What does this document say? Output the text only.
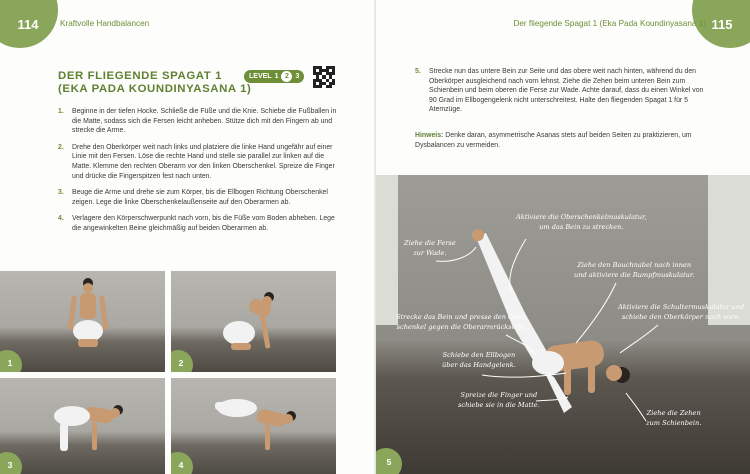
114	Kraftvolle Handbalancen
DER FLIEGENDE SPAGAT 1
(EKA PADA KOUNDINYASANA 1)
LEVEL 1 2 3
1. Beginne in der tiefen Hocke. Schließe die Füße und die Knie. Schiebe die Fußballen in die Matte, sodass sich die Fersen leicht anheben. Stütze dich mit den Fingern ab und strecke die Arme.
2. Drehe den Oberkörper weit nach links und platziere die linke Hand ungefähr auf einer Linie mit den Fersen. Löse die rechte Hand und stelle sie parallel zur linken auf die Matte. Klemme den rechten Oberarm vor den linken Oberschenkel. Spreize die Finger und drücke die Fingerspitzen fest nach unten.
3. Beuge die Arme und drehe sie zum Körper, bis die Ellbogen Richtung Oberschenkel zeigen. Lege die linke Oberschenkelaußenseite auf den Oberarmen ab.
4. Verlagere den Körperschwerpunkt nach vorn, bis die Füße vom Boden abheben. Lege die angewinkelten Beine gleichmäßig auf beiden Oberarmen ab.
1	2
3	4
115
Der fliegende Spagat 1 (Eka Pada Koundinyasana 1)
5. Strecke nun das untere Bein zur Seite und das obere weit nach hinten, während du den Oberkörper ausgleichend nach vorn lehnst. Ziehe die Zehen beim unteren Bein zum Schienbein und beim oberen die Ferse zur Wade. Achte darauf, dass du einen Winkel von 90 Grad im Ellbogengelenk nicht unterschreitest. Halte den fliegenden Spagat 1 für 5 Atemzüge.
Hinweis: Denke daran, asymmetrische Asanas stets auf beiden Seiten zu praktizieren, um Dysbalancen zu vermeiden.
Aktiviere die Oberschenkelmuskulatur,
um das Bein zu strecken.
Ziehe die Ferse
zur Wade.
Ziehe den Bauchnabel nach innen
und aktiviere die Rumpfmuskulatur.
Aktiviere die Schultermuskulatur und
schiebe den Oberkörper nach vorn.
Strecke das Bein und presse den Ober-
schenkel gegen die Oberarmrückseite.
Schiebe den Ellbogen
über das Handgelenk.
Spreize die Finger und
schiebe sie in die Matte.
Ziehe die Zehen
zum Schienbein.
5
